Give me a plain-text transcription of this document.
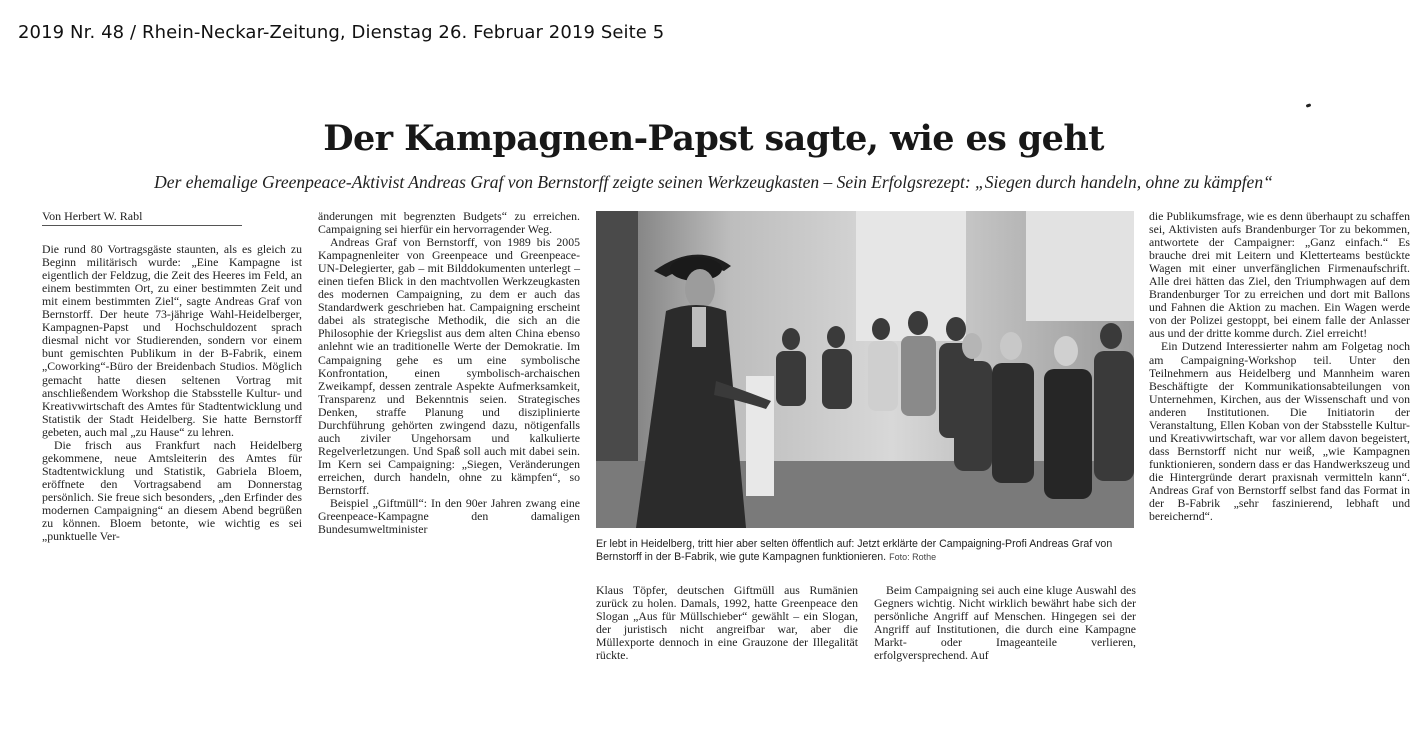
2019 Nr. 48 / Rhein-Neckar-Zeitung, Dienstag 26. Februar 2019 Seite 5
Der Kampagnen-Papst sagte, wie es geht
Der ehemalige Greenpeace-Aktivist Andreas Graf von Bernstorff zeigte seinen Werkzeugkasten – Sein Erfolgsrezept: „Siegen durch handeln, ohne zu kämpfen“
Von Herbert W. Rabl

Die rund 80 Vortragsgäste staunten, als es gleich zu Beginn militärisch wurde: „Eine Kampagne ist eigentlich der Feldzug, die Zeit des Heeres im Feld, an einem bestimmten Ort, zu einer bestimmten Zeit und mit einem bestimmten Ziel“, sagte Andreas Graf von Bernstorff. Der heute 73-jährige Wahl-Heidelberger, Kampagnen-Papst und Hochschuldozent sprach diesmal nicht vor Studierenden, sondern vor einem bunt gemischten Publikum in der B-Fabrik, einem „Coworking“-Büro der Breidenbach Studios. Möglich gemacht hatte diesen seltenen Vortrag mit anschließendem Workshop die Stabsstelle Kultur- und Kreativwirtschaft des Amtes für Stadtentwicklung und Statistik der Stadt Heidelberg. Sie hatte Bernstorff gebeten, auch mal „zu Hause“ zu lehren.

Die frisch aus Frankfurt nach Heidelberg gekommene, neue Amtsleiterin des Amtes für Stadtentwicklung und Statistik, Gabriela Bloem, eröffnete den Vortragsabend am Donnerstag persönlich. Sie freue sich besonders, „den Erfinder des modernen Campaigning“ an diesem Abend begrüßen zu können. Bloem betonte, wie wichtig es sei „punktuelle Ver-

änderungen mit begrenzten Budgets“ zu erreichen. Campaigning sei hierfür ein hervorragender Weg.

Andreas Graf von Bernstorff, von 1989 bis 2005 Kampagnenleiter von Greenpeace und Greenpeace-UN-Delegierter, gab – mit Bilddokumenten unterlegt – einen tiefen Blick in den machtvollen Werkzeugkasten des modernen Campaigning, zu dem er auch das Standardwerk geschrieben hat. Campaigning erscheint dabei als strategische Methodik, die sich an die Philosophie der Kriegslist aus dem alten China ebenso anlehnt wie an traditionelle Werte der Demokratie. Im Campaigning gehe es um eine symbolische Konfrontation, einen symbolisch-archaischen Zweikampf, dessen zentrale Aspekte Aufmerksamkeit, Transparenz und Bekenntnis seien. Strategisches Denken, straffe Planung und disziplinierte Durchführung gehörten zwingend dazu, nötigenfalls auch ziviler Ungehorsam und kalkulierte Regelverletzungen. Und Spaß soll auch mit dabei sein. Im Kern sei Campaigning: „Siegen, Veränderungen erreichen, durch handeln, ohne zu kämpfen“, so Bernstorff.

Beispiel „Giftmüll“: In den 90er Jahren zwang eine Greenpeace-Kampagne den damaligen Bundesumweltminister

Er lebt in Heidelberg, tritt hier aber selten öffentlich auf: Jetzt erklärte der Campaigning-Profi Andreas Graf von Bernstorff in der B-Fabrik, wie gute Kampagnen funktionieren. Foto: Rothe

Klaus Töpfer, deutschen Giftmüll aus Rumänien zurück zu holen. Damals, 1992, hatte Greenpeace den Slogan „Aus für Müllschieber“ gewählt – ein Slogan, der juristisch nicht angreifbar war, aber die Müllexporte dennoch in eine Grauzone der Illegalität rückte.

Beim Campaigning sei auch eine kluge Auswahl des Gegners wichtig. Nicht wirklich bewährt habe sich der persönliche Angriff auf Menschen. Hingegen sei der Angriff auf Institutionen, die durch eine Kampagne Markt- oder Imageanteile verlieren, erfolgversprechend. Auf

die Publikumsfrage, wie es denn überhaupt zu schaffen sei, Aktivisten aufs Brandenburger Tor zu bekommen, antwortete der Campaigner: „Ganz einfach.“ Es brauche drei mit Leitern und Kletterteams bestückte Wagen mit einer unverfänglichen Firmenaufschrift. Alle drei hätten das Ziel, den Triumphwagen auf dem Brandenburger Tor zu erreichen und dort mit Ballons und Fahnen die Aktion zu machen. Ein Wagen werde von der Polizei gestoppt, bei einem falle der Anlasser aus und der dritte komme durch. Ziel erreicht!

Ein Dutzend Interessierter nahm am Folgetag noch am Campaigning-Workshop teil. Unter den Teilnehmern aus Heidelberg und Mannheim waren Beschäftigte der Kommunikationsabteilungen von Unternehmen, Kirchen, aus der Wissenschaft und von anderen Institutionen. Die Initiatorin der Veranstaltung, Ellen Koban von der Stabsstelle Kultur- und Kreativwirtschaft, war vor allem davon begeistert, dass Bernstorff nicht nur weiß, „wie Kampagnen funktionieren, sondern dass er das Handwerkszeug und die Hintergründe derart praxisnah vermitteln kann“. Andreas Graf von Bernstorff selbst fand das Format in der B-Fabrik „sehr faszinierend, lebhaft und bereichernd“.
